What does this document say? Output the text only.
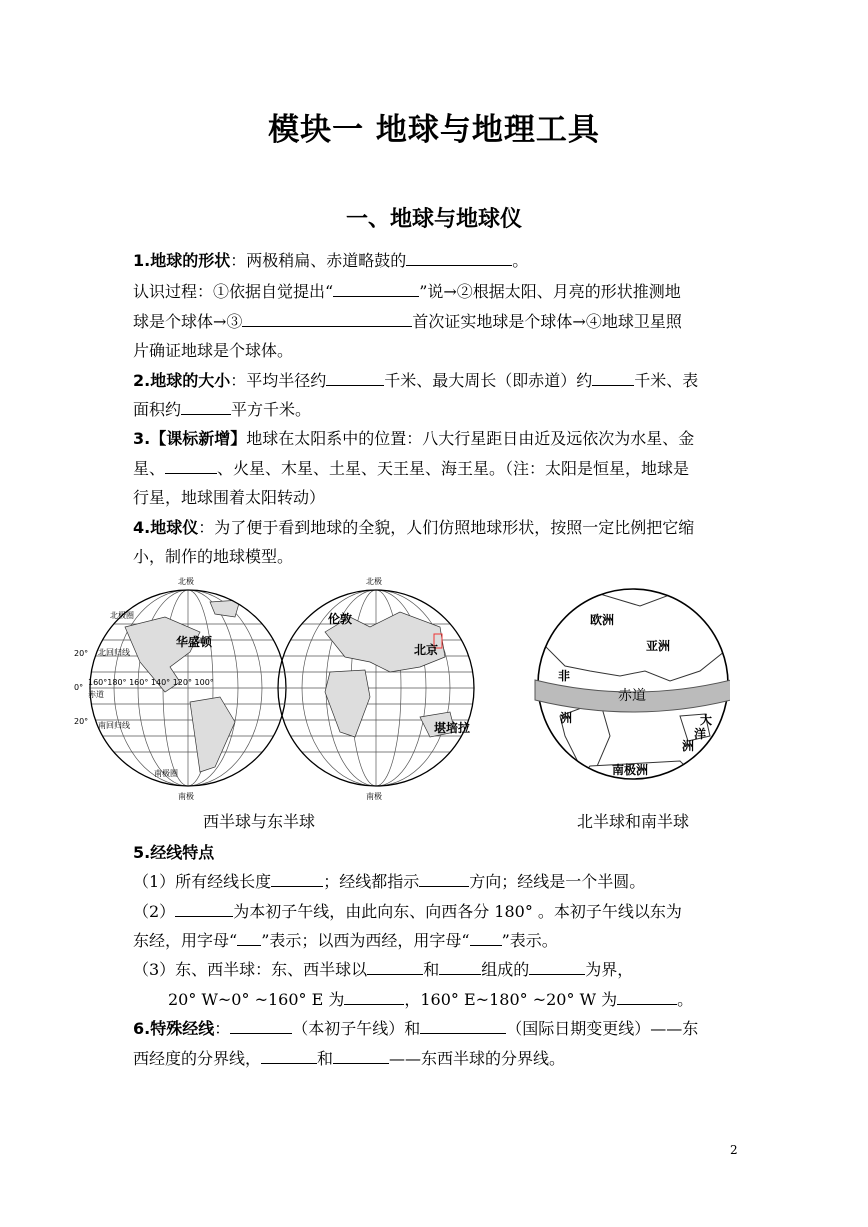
模块一 地球与地理工具
一、地球与地球仪
1.地球的形状：两极稍扁、赤道略鼓的	。
认识过程：①依据自觉提出“	”说→②根据太阳、月亮的形状推测地
球是个球体→③	首次证实地球是个球体→④地球卫星照
片确证地球是个球体。
2.地球的大小：平均半径约	千米、最大周长（即赤道）约	千米、表
面积约	平方千米。
3.【课标新增】地球在太阳系中的位置：八大行星距日由近及远依次为水星、金
星、	、火星、木星、土星、天王星、海王星。（注：太阳是恒星，地球是
行星，地球围着太阳转动）
4.地球仪：为了便于看到地球的全貌，人们仿照地球形状，按照一定比例把它缩
小，制作的地球模型。
北极	北极
南极	南极
北极圈
北回归线
赤道
南回归线
南极圈
160°180° 160° 140° 120° 100°
20°
0°
20°
华盛顿
伦敦
北京
堪培拉
欧洲
亚洲
非
赤道
洲
南极洲
大
洋
洲
西半球与东半球	北半球和南半球
5.经线特点
（1）所有经线长度	；经线都指示	方向；经线是一个半圆。
（2）	为本初子午线，由此向东、向西各分 180° 。本初子午线以东为
东经，用字母“ ”表示；以西为西经，用字母“ ”表示。
（3）东、西半球：东、西半球以	和	组成的	为界，
20° W~0° ~160° E 为	，160° E~180° ~20° W 为	。
6.特殊经线：	（本初子午线）和	（国际日期变更线）——东
西经度的分界线，	和	——东西半球的分界线。
2
